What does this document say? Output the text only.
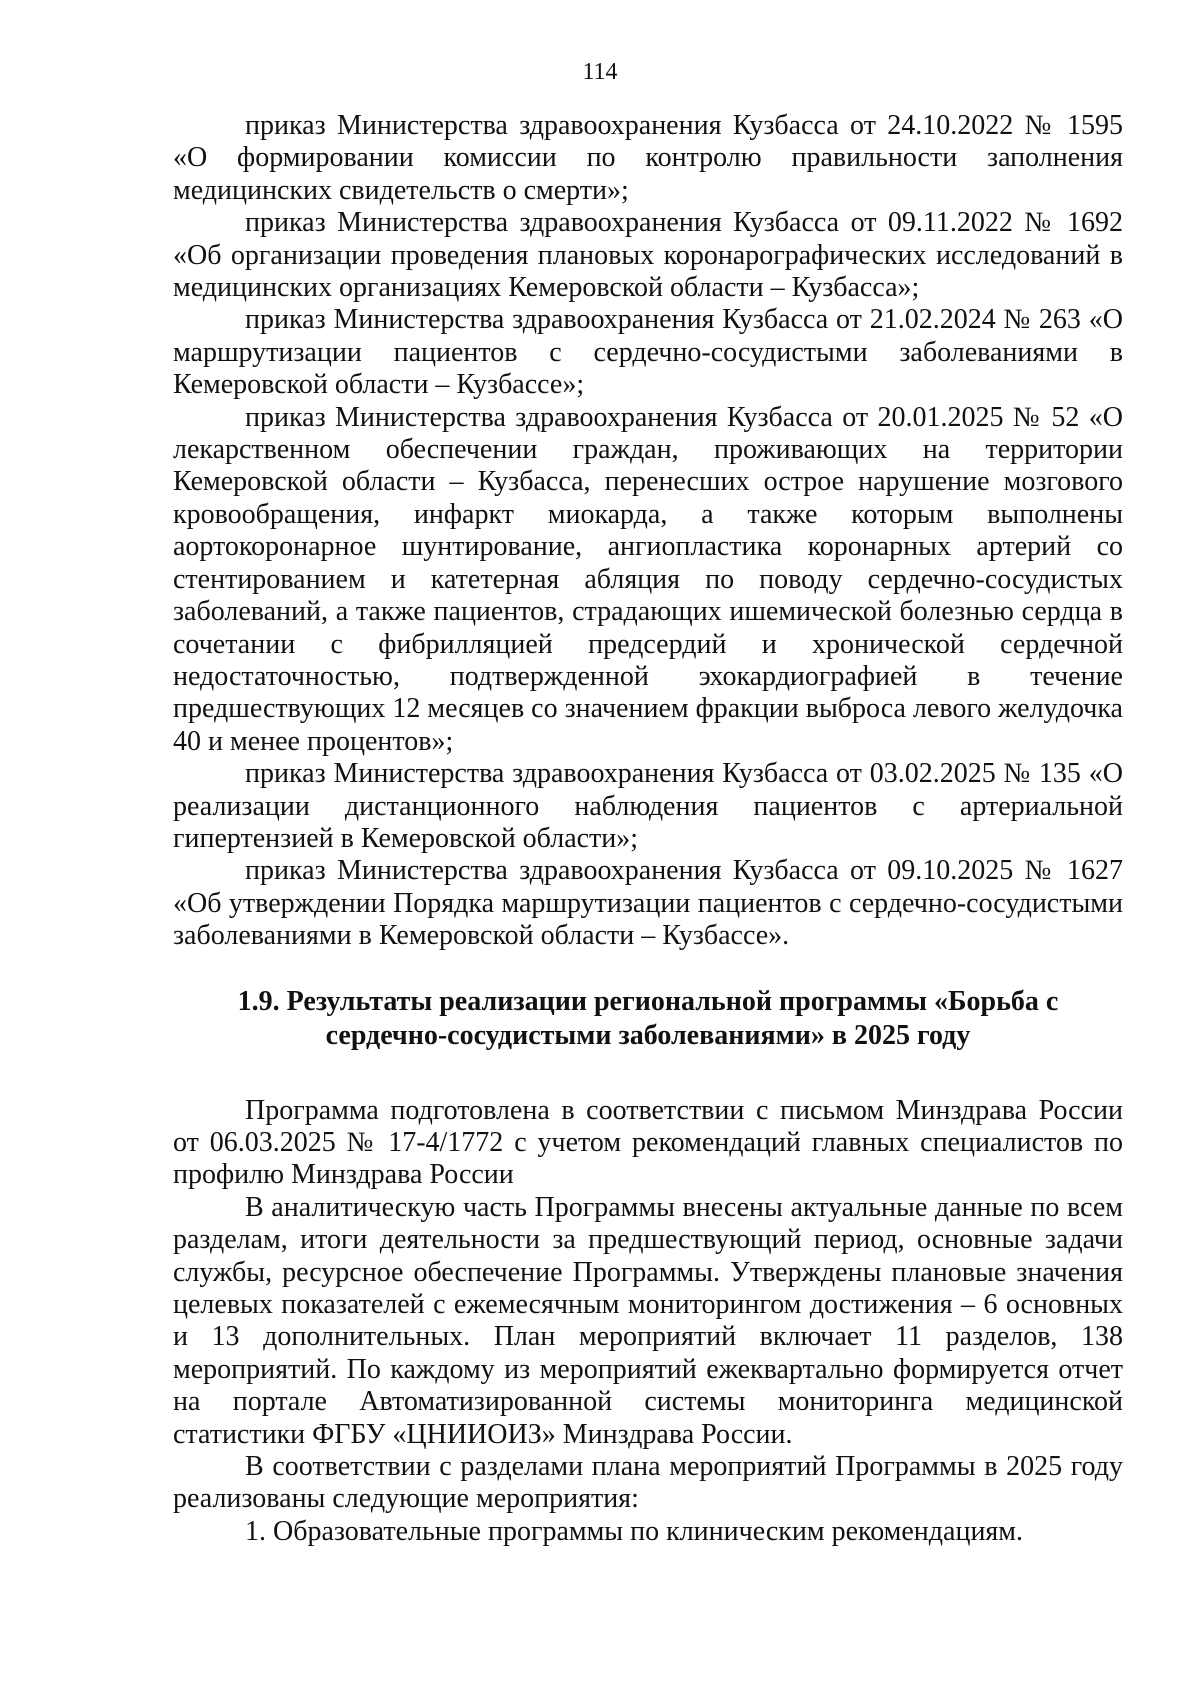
114

приказ Министерства здравоохранения Кузбасса от 24.10.2022 № 1595 «О формировании комиссии по контролю правильности заполнения медицинских свидетельств о смерти»;

приказ Министерства здравоохранения Кузбасса от 09.11.2022 № 1692 «Об организации проведения плановых коронарографических исследований в медицинских организациях Кемеровской области – Кузбасса»;

приказ Министерства здравоохранения Кузбасса от 21.02.2024 № 263 «О маршрутизации пациентов с сердечно-сосудистыми заболеваниями в Кемеровской области – Кузбассе»;

приказ Министерства здравоохранения Кузбасса от 20.01.2025 № 52 «О лекарственном обеспечении граждан, проживающих на территории Кемеровской области – Кузбасса, перенесших острое нарушение мозгового кровообращения, инфаркт миокарда, а также которым выполнены аортокоронарное шунтирование, ангиопластика коронарных артерий со стентированием и катетерная абляция по поводу сердечно-сосудистых заболеваний, а также пациентов, страдающих ишемической болезнью сердца в сочетании с фибрилляцией предсердий и хронической сердечной недостаточностью, подтвержденной эхокардиографией в течение предшествующих 12 месяцев со значением фракции выброса левого желудочка 40 и менее процентов»;

приказ Министерства здравоохранения Кузбасса от 03.02.2025 № 135 «О реализации дистанционного наблюдения пациентов с артериальной гипертензией в Кемеровской области»;

приказ Министерства здравоохранения Кузбасса от 09.10.2025 № 1627 «Об утверждении Порядка маршрутизации пациентов с сердечно-сосудистыми заболеваниями в Кемеровской области – Кузбассе».

1.9. Результаты реализации региональной программы «Борьба с
сердечно-сосудистыми заболеваниями» в 2025 году

Программа подготовлена в соответствии с письмом Минздрава России от 06.03.2025 № 17-4/1772 с учетом рекомендаций главных специалистов по профилю Минздрава России

В аналитическую часть Программы внесены актуальные данные по всем разделам, итоги деятельности за предшествующий период, основные задачи службы, ресурсное обеспечение Программы. Утверждены плановые значения целевых показателей с ежемесячным мониторингом достижения – 6 основных и 13 дополнительных. План мероприятий включает 11 разделов, 138 мероприятий. По каждому из мероприятий ежеквартально формируется отчет на портале Автоматизированной системы мониторинга медицинской статистики ФГБУ «ЦНИИОИЗ» Минздрава России.

В соответствии с разделами плана мероприятий Программы в 2025 году реализованы следующие мероприятия:

1. Образовательные программы по клиническим рекомендациям.
